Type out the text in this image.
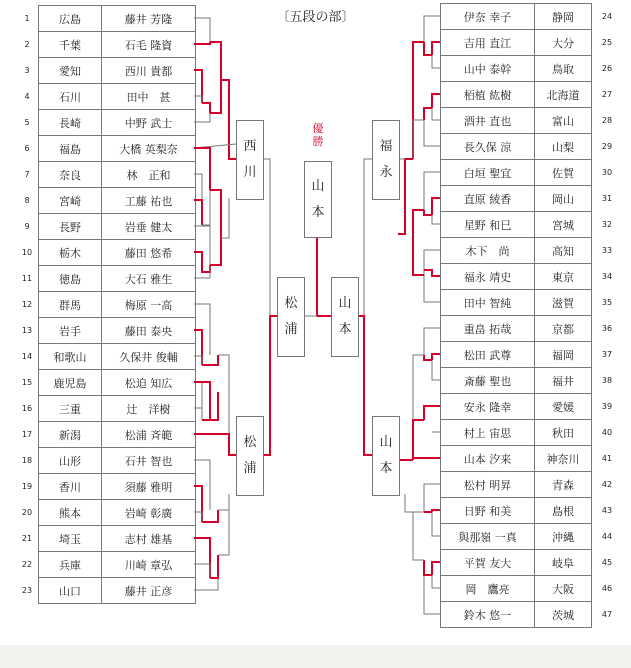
〔五段の部〕
広島	藤井 芳隆
千葉	石毛 隆資
愛知	西川 貴都
石川	田中　甚
長崎	中野 武士
福島	大橋 英梨奈
奈良	林　正和
宮崎	工藤 祐也
長野	岩垂 健太
栃木	藤田 悠希
徳島	大石 雅生
群馬	梅原 一高
岩手	藤田 泰央
和歌山	久保井 俊輔
鹿児島	松迫 知広
三重	辻　洋樹
新潟	松浦 斉範
山形	石井 智也
香川	須藤 雅明
熊本	岩崎 彰廣
埼玉	志村 雄基
兵庫	川崎 章弘
山口	藤井 正彦
伊奈 幸子	静岡
吉用 直江	大分
山中 泰幹	鳥取
栢植 紘樹	北海道
酒井 直也	富山
長久保 涼	山梨
白垣 聖宜	佐賀
直原 綾香	岡山
星野 和巳	宮城
木下　尚	高知
福永 靖史	東京
田中 智純	滋賀
重畠 拓哉	京都
松田 武尊	福岡
斎藤 聖也	福井
安永 隆幸	愛媛
村上 宙思	秋田
山本 汐来	神奈川
松村 明昇	青森
日野 和美	島根
與那嶺 一真	沖縄
平賀 友大	岐阜
岡　鷹亮	大阪
鈴木 悠一	茨城
1
2
3
4
5
6
7
8
9
10
11
12
13
14
15
16
17
18
19
20
21
22
23
24
25
26
27
28
29
30
31
32
33
34
35
36
37
38
39
40
41
42
43
44
45
46
47
優
勝
山
本
西
川
松
浦
松
浦
山
本
福
永
山
本
